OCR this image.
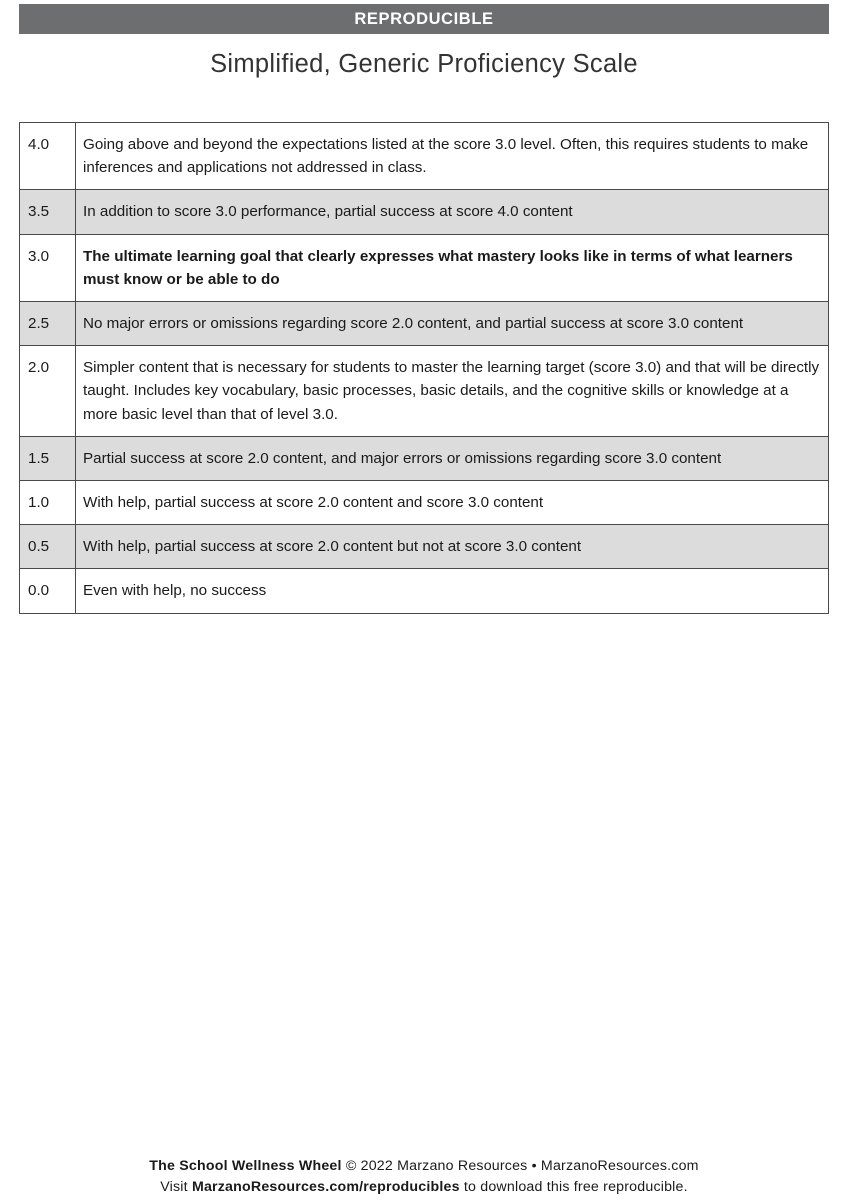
REPRODUCIBLE
Simplified, Generic Proficiency Scale
4.0	Going above and beyond the expectations listed at the score 3.0 level. Often, this requires students to make inferences and applications not addressed in class.
3.5	In addition to score 3.0 performance, partial success at score 4.0 content
3.0	The ultimate learning goal that clearly expresses what mastery looks like in terms of what learners must know or be able to do
2.5	No major errors or omissions regarding score 2.0 content, and partial success at score 3.0 content
2.0	Simpler content that is necessary for students to master the learning target (score 3.0) and that will be directly taught. Includes key vocabulary, basic processes, basic details, and the cognitive skills or knowledge at a more basic level than that of level 3.0.
1.5	Partial success at score 2.0 content, and major errors or omissions regarding score 3.0 content
1.0	With help, partial success at score 2.0 content and score 3.0 content
0.5	With help, partial success at score 2.0 content but not at score 3.0 content
0.0	Even with help, no success
The School Wellness Wheel © 2022 Marzano Resources • MarzanoResources.com
Visit MarzanoResources.com/reproducibles to download this free reproducible.
